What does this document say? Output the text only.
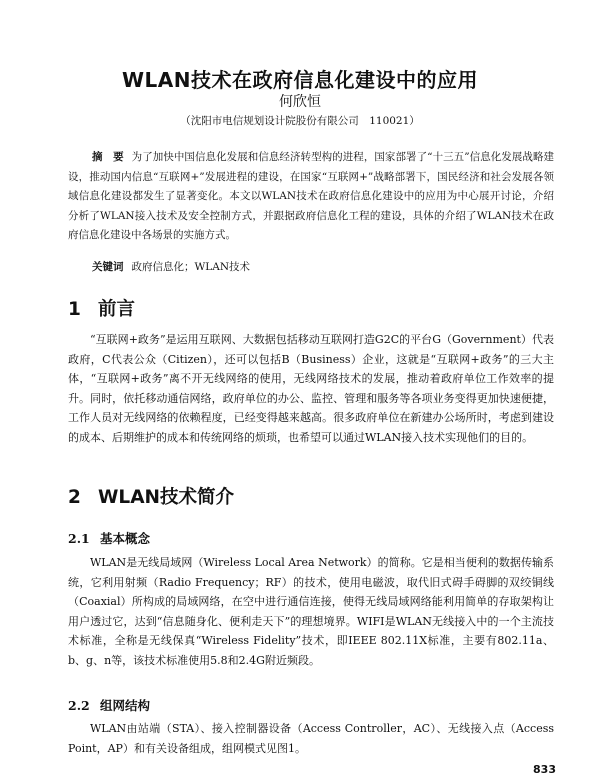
WLAN技术在政府信息化建设中的应用
何欣恒
（沈阳市电信规划设计院股份有限公司　110021）
摘　要 为了加快中国信息化发展和信息经济转型构的进程，国家部署了“十三五”信息化发展战略建设，推动国内信息“互联网+”发展进程的建设，在国家“互联网+”战略部署下，国民经济和社会发展各领域信息化建设都发生了显著变化。本文以WLAN技术在政府信息化建设中的应用为中心展开讨论，介绍分析了WLAN接入技术及安全控制方式，并跟据政府信息化工程的建设，具体的介绍了WLAN技术在政府信息化建设中各场景的实施方式。
关键词 政府信息化；WLAN技术
1 前言
“互联网+政务”是运用互联网、大数据包括移动互联网打造G2C的平台G（Government）代表政府，C代表公众（Citizen），还可以包括B（Business）企业，这就是“互联网+政务”的三大主体，“互联网+政务”离不开无线网络的使用，无线网络技术的发展，推动着政府单位工作效率的提升。同时，依托移动通信网络，政府单位的办公、监控、管理和服务等各项业务变得更加快速便捷，工作人员对无线网络的依赖程度，已经变得越来越高。很多政府单位在新建办公场所时，考虑到建设的成本、后期维护的成本和传统网络的烦琐，也希望可以通过WLAN接入技术实现他们的目的。
2 WLAN技术简介
2.1 基本概念
WLAN是无线局域网（Wireless Local Area Network）的简称。它是相当便利的数据传输系统，它利用射频（Radio Frequency；RF）的技术，使用电磁波，取代旧式碍手碍脚的双绞铜线（Coaxial）所构成的局域网络，在空中进行通信连接，使得无线局域网络能利用简单的存取架构让用户透过它，达到“信息随身化、便利走天下”的理想境界。WIFI是WLAN无线接入中的一个主流技术标准，全称是无线保真“Wireless Fidelity”技术，即IEEE 802.11X标准，主要有802.11a、b、g、n等，该技术标准使用5.8和2.4G附近频段。
2.2 组网结构
WLAN由站端（STA）、接入控制器设备（Access Controller，AC）、无线接入点（Access Point，AP）和有关设备组成，组网模式见图1。
833
